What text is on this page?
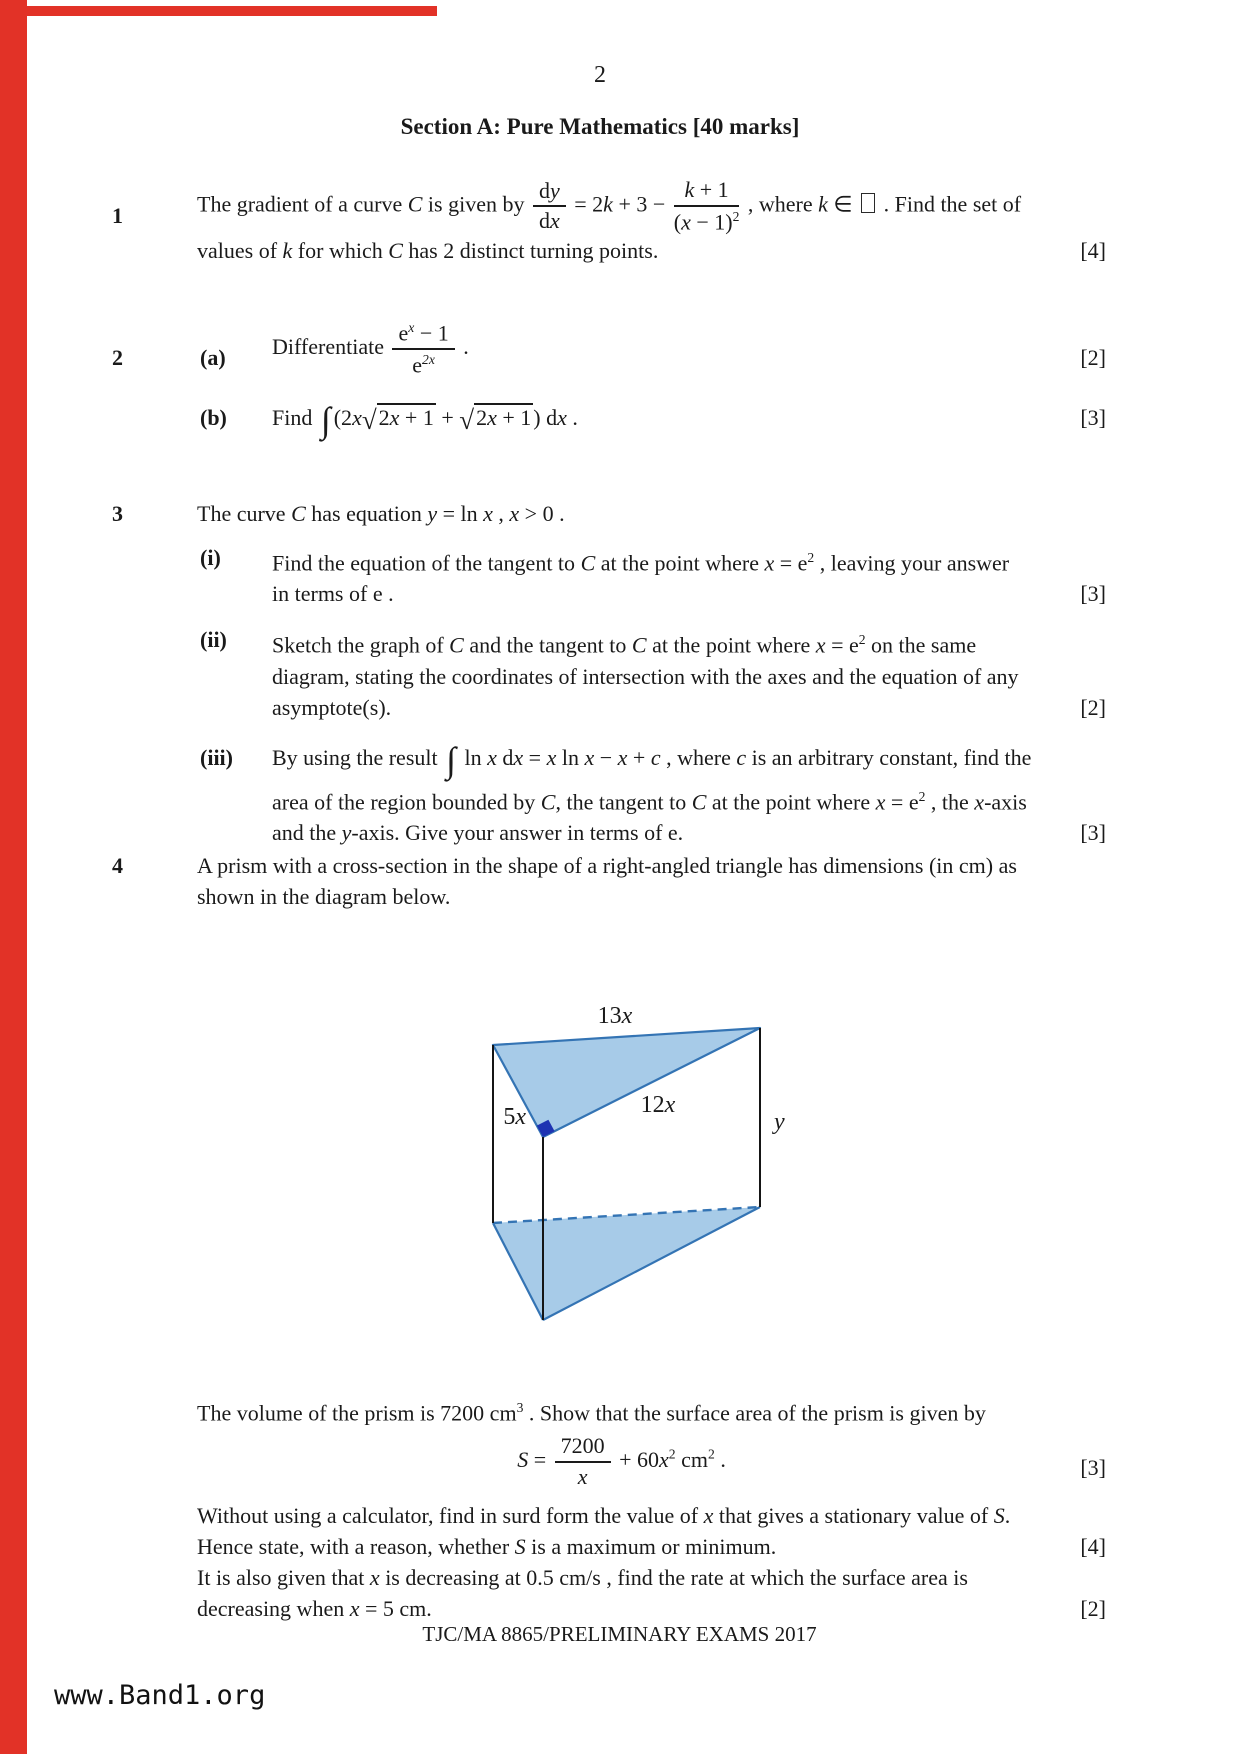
2
Section A: Pure Mathematics [40 marks]
1	The gradient of a curve C is given by $\frac{dy}{dx} = 2k + 3 - \frac{k + 1}{(x - 1)^2}$ , where k ∈  . Find the set of
[4]
values of k for which C has 2 distinct turning points.
2	(a)	[2]
Differentiate $\frac{e^x - 1}{e^{2x}}$ .
(b)	[3]
Find ∫ (2x√2x + 1 + √2x + 1) dx .
3	The curve C has equation y = ln x , x > 0 .
(i) Find the equation of the tangent to C at the point where $x = e^2$ , leaving your answer
[3]
in terms of e .
(ii) Sketch the graph of C and the tangent to C at the point where $x = e^2$ on the same
diagram, stating the coordinates of intersection with the axes and the equation of any
[2]
asymptote(s).
(iii) By using the result ∫ ln x dx = x ln x − x + c , where c is an arbitrary constant, find the
area of the region bounded by C, the tangent to C at the point where $x = e^2$ , the x-axis
[3]
and the y-axis. Give your answer in terms of e.
4	A prism with a cross-section in the shape of a right-angled triangle has dimensions (in cm) as
shown in the diagram below.
13x
5x	12x
y
The volume of the prism is 7200 $cm^3$ . Show that the surface area of the prism is given by
$S = \frac{7200}{x} + 60x^2$ $cm^2$ .	[3]
Without using a calculator, find in surd form the value of x that gives a stationary value of S.
[4]
Hence state, with a reason, whether S is a maximum or minimum.
It is also given that x is decreasing at 0.5 cm/s , find the rate at which the surface area is
[2]
decreasing when x = 5 cm.
TJC/MA 8865/PRELIMINARY EXAMS 2017
www.Band1.org
